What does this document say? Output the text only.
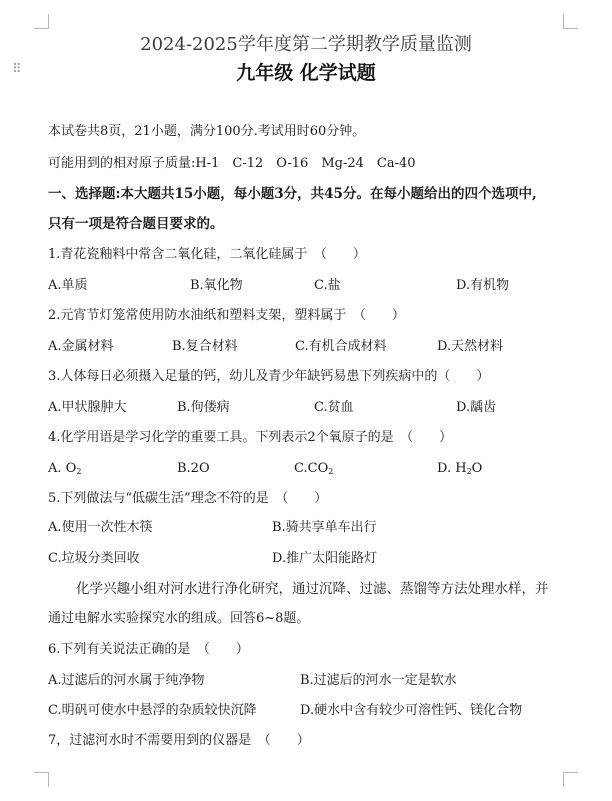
⠿
2024-2025学年度第二学期教学质量监测
九年级 化学试题
本试卷共8页，21小题，满分100分.考试用时60分钟。
可能用到的相对原子质量:H-1　C-12　O-16　Mg-24　Ca-40
一、选择题:本大题共15小题，每小题3分，共45分。在每小题给出的四个选项中,
只有一项是符合题目要求的。
1.青花瓷釉料中常含二氧化硅，二氧化硅属于　（　　）
A.单质	B.氧化物	C.盐	D.有机物
2.元宵节灯笼常使用防水油纸和塑料支架，塑料属于　（　　）
A.金属材料	B.复合材料	C.有机合成材料	D.天然材料
3.人体每日必须摄入足量的钙，幼儿及青少年缺钙易患下列疾病中的（　　）
A.甲状腺肿大	B.佝偻病	C.贫血	D.龋齿
4.化学用语是学习化学的重要工具。下列表示2个氧原子的是　（　　）
A. $O_2$	B.2O	$C.CO_2$	D. $H_2O$
5.下列做法与“低碳生活”理念不符的是　（　　）
A.使用一次性木筷	B.骑共享单车出行
C.垃圾分类回收	D.推广太阳能路灯
化学兴趣小组对河水进行净化研究，通过沉降、过滤、蒸馏等方法处理水样，并
通过电解水实验探究水的组成。回答6~8题。
6.下列有关说法正确的是　（　　）
A.过滤后的河水属于纯净物	B.过滤后的河水一定是软水
C.明矾可使水中悬浮的杂质较快沉降	D.硬水中含有较少可溶性钙、镁化合物
7，过滤河水时不需要用到的仪器是　（　　）
